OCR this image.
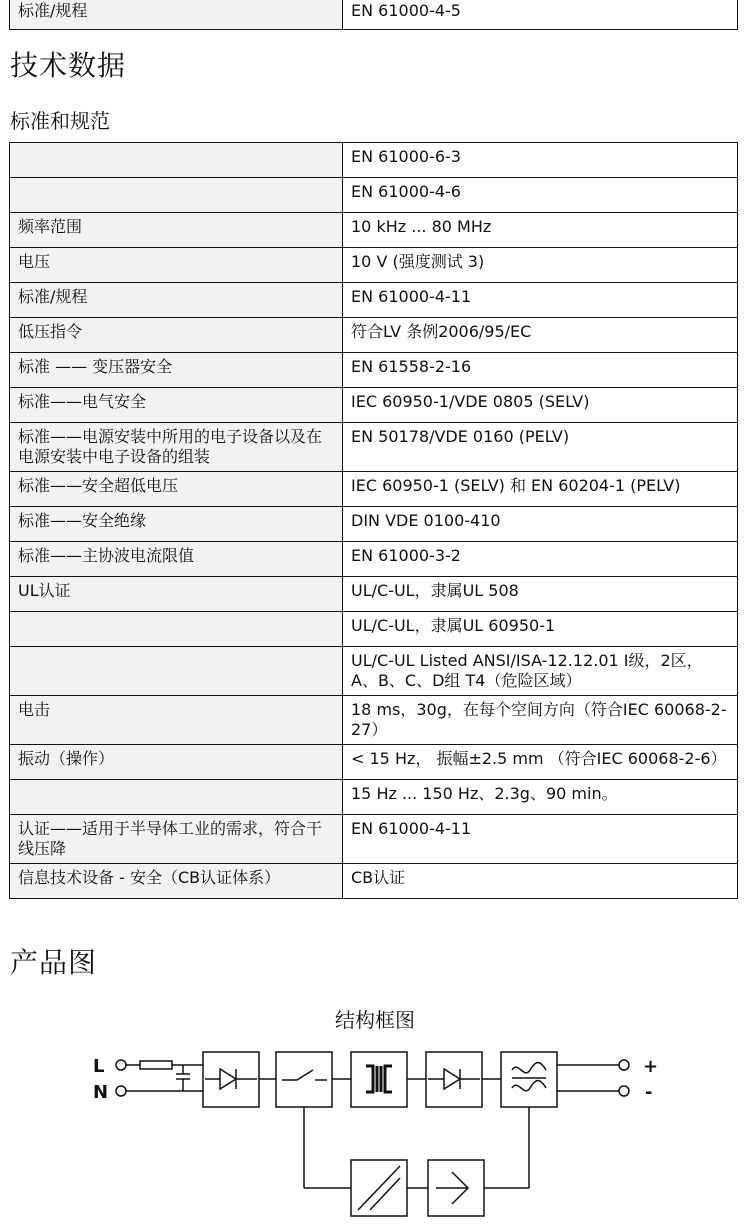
标准/规程	EN 61000-4-5
技术数据
标准和规范
	EN 61000-6-3
	EN 61000-4-6
频率范围	10 kHz ... 80 MHz
电压	10 V (强度测试 3)
标准/规程	EN 61000-4-11
低压指令	符合LV 条例2006/95/EC
标准 —— 变压器安全	EN 61558-2-16
标准——电气安全	IEC 60950-1/VDE 0805 (SELV)
标准——电源安装中所用的电子设备以及在电源安装中电子设备的组装	EN 50178/VDE 0160 (PELV)
标准——安全超低电压	IEC 60950-1 (SELV) 和 EN 60204-1 (PELV)
标准——安全绝缘	DIN VDE 0100-410
标准——主协波电流限值	EN 61000-3-2
UL认证	UL/C-UL，隶属UL 508
	UL/C-UL，隶属UL 60950-1
	UL/C-UL Listed ANSI/ISA-12.12.01 I级，2区，A、B、C、D组 T4（危险区域）
电击	18 ms，30g，在每个空间方向（符合IEC 60068-2-27）
振动（操作）	< 15 Hz， 振幅±2.5 mm （符合IEC 60068-2-6）
	15 Hz ... 150 Hz、2.3g、90 min。
认证——适用于半导体工业的需求，符合干线压降	EN 61000-4-11
信息技术设备 - 安全（CB认证体系）	CB认证
产品图
结构框图
L
N
+
-
